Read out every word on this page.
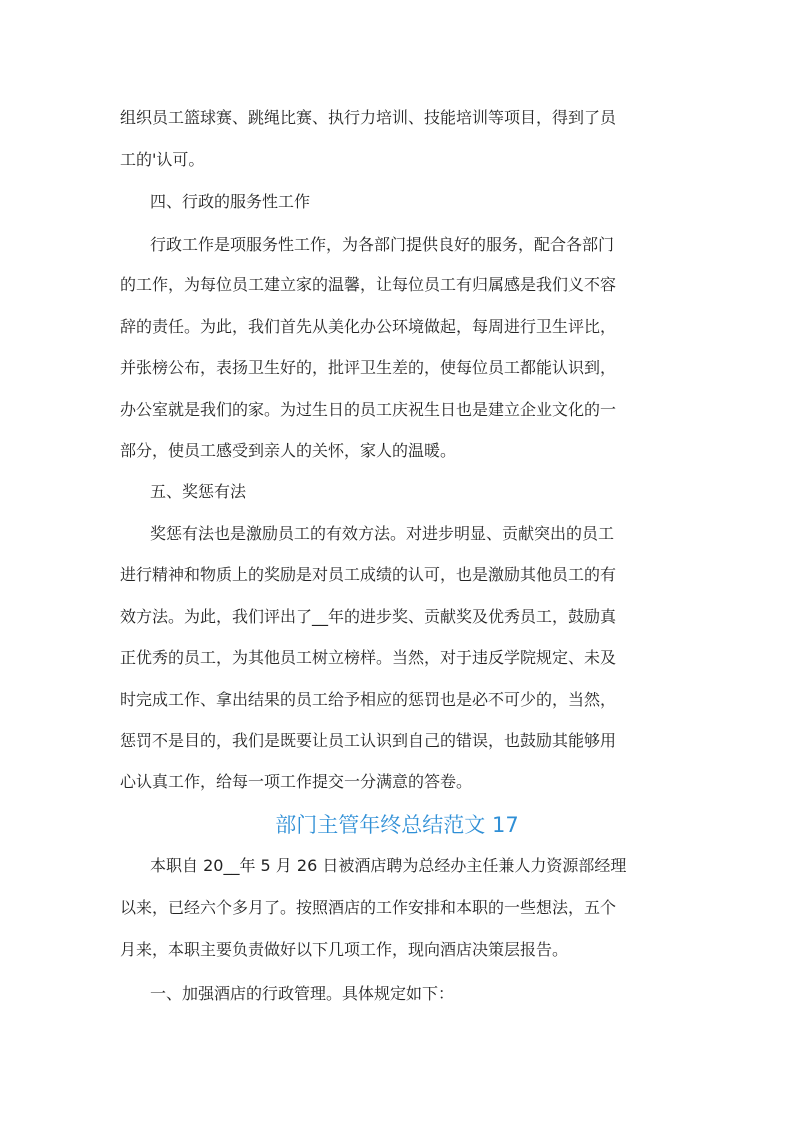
组织员工篮球赛、跳绳比赛、执行力培训、技能培训等项目，得到了员
工的'认可。
四、行政的服务性工作
行政工作是项服务性工作，为各部门提供良好的服务，配合各部门
的工作，为每位员工建立家的温馨，让每位员工有归属感是我们义不容
辞的责任。为此，我们首先从美化办公环境做起，每周进行卫生评比，
并张榜公布，表扬卫生好的，批评卫生差的，使每位员工都能认识到，
办公室就是我们的家。为过生日的员工庆祝生日也是建立企业文化的一
部分，使员工感受到亲人的关怀，家人的温暖。
五、奖惩有法
奖惩有法也是激励员工的有效方法。对进步明显、贡献突出的员工
进行精神和物质上的奖励是对员工成绩的认可，也是激励其他员工的有
效方法。为此，我们评出了__年的进步奖、贡献奖及优秀员工，鼓励真
正优秀的员工，为其他员工树立榜样。当然，对于违反学院规定、未及
时完成工作、拿出结果的员工给予相应的惩罚也是必不可少的，当然，
惩罚不是目的，我们是既要让员工认识到自己的错误，也鼓励其能够用
心认真工作，给每一项工作提交一分满意的答卷。
部门主管年终总结范文 17
本职自 20__年 5 月 26 日被酒店聘为总经办主任兼人力资源部经理
以来，已经六个多月了。按照酒店的工作安排和本职的一些想法，五个
月来，本职主要负责做好以下几项工作，现向酒店决策层报告。
一、加强酒店的行政管理。具体规定如下：
